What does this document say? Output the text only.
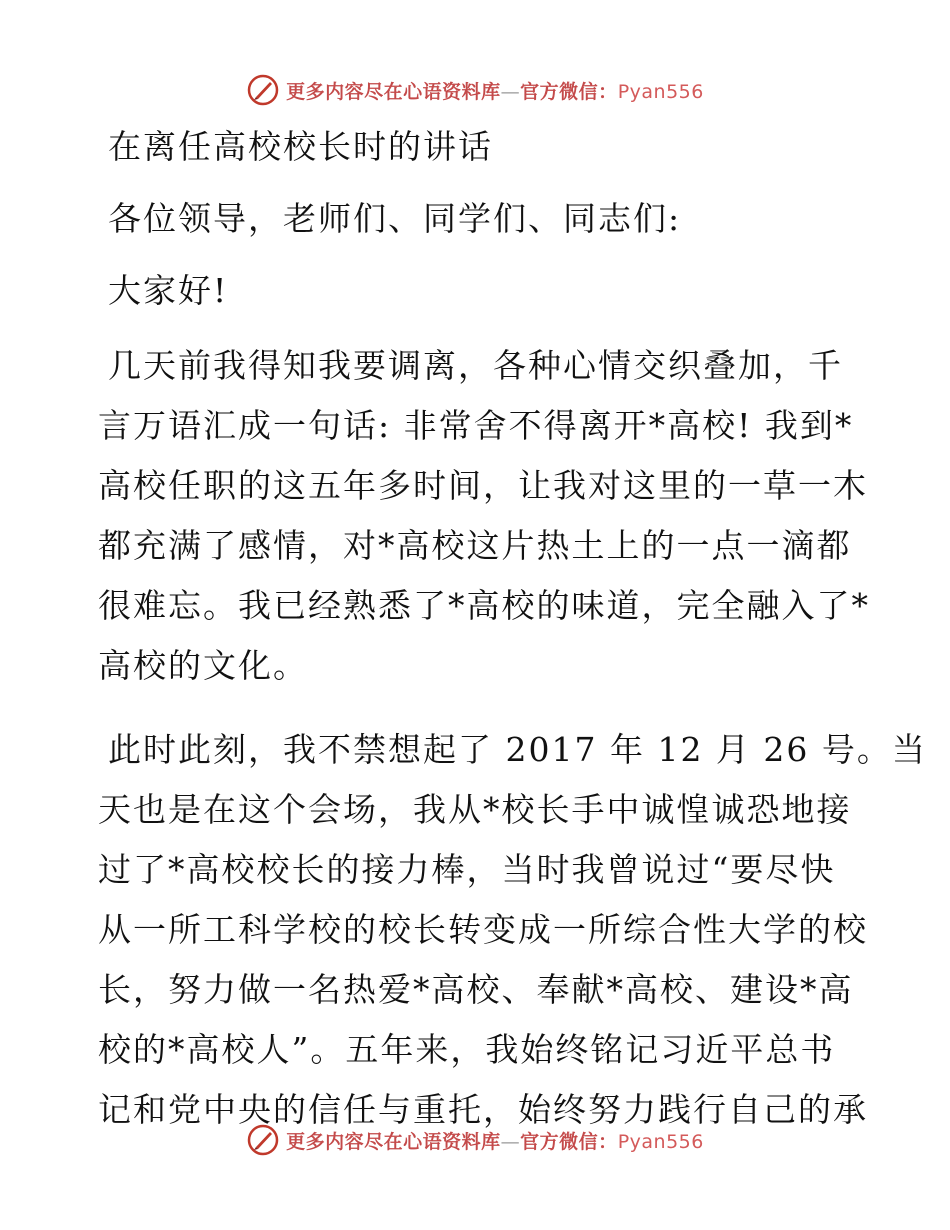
更多内容尽在心语资料库—官方微信：Pyan556

在离任高校校长时的讲话

各位领导，老师们、同学们、同志们:

大家好!

几天前我得知我要调离，各种心情交织叠加，千
言万语汇成一句话: 非常舍不得离开*高校! 我到*
高校任职的这五年多时间，让我对这里的一草一木
都充满了感情，对*高校这片热土上的一点一滴都
很难忘。我已经熟悉了*高校的味道，完全融入了*
高校的文化。
此时此刻，我不禁想起了 2017 年 12 月 26 号。当
天也是在这个会场，我从*校长手中诚惶诚恐地接
过了*高校校长的接力棒，当时我曾说过“要尽快
从一所工科学校的校长转变成一所综合性大学的校
长，努力做一名热爱*高校、奉献*高校、建设*高
校的*高校人”。五年来，我始终铭记习近平总书
记和党中央的信任与重托，始终努力践行自己的承
更多内容尽在心语资料库—官方微信：Pyan556
